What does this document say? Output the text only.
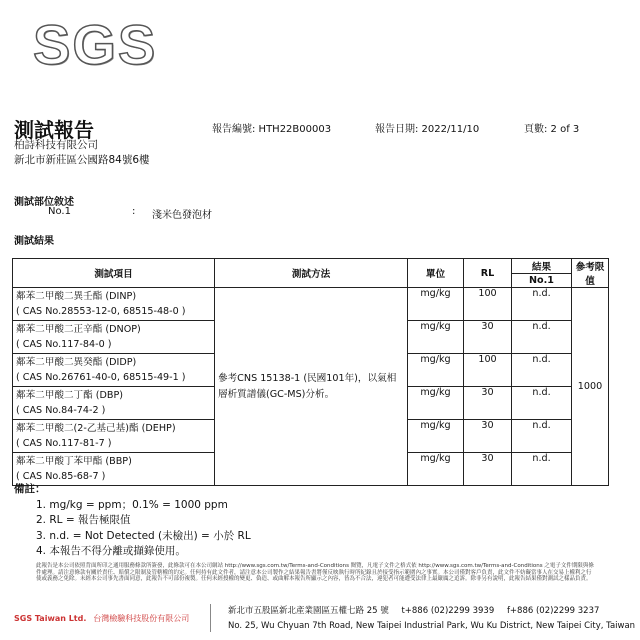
SGS
測試報告	報告編號: HTH22B00003	報告日期: 2022/11/10	頁數: 2 of 3
柏詩科技有限公司
新北市新莊區公國路84號6樓
測試部位敘述
No.1	: 淺米色發泡材
測試結果
測試項目	測試方法	單位	RL	結果	參考限值
				No.1	

鄰苯二甲酸二異壬酯 (DINP)
( CAS No.28553-12-0, 68515-48-0 )	參考CNS 15138-1 (民國101年)，以氣相層析質譜儀(GC-MS)分析。	mg/kg	100	n.d.	1000

鄰苯二甲酸二正辛酯 (DNOP)
( CAS No.117-84-0 )		mg/kg	30	n.d.	

鄰苯二甲酸二異癸酯 (DIDP)
( CAS No.26761-40-0, 68515-49-1 )		mg/kg	100	n.d.	

鄰苯二甲酸二丁酯 (DBP)
( CAS No.84-74-2 )		mg/kg	30	n.d.	

鄰苯二甲酸二(2-乙基己基)酯 (DEHP)
( CAS No.117-81-7 )		mg/kg	30	n.d.	

鄰苯二甲酸丁苯甲酯 (BBP)
( CAS No.85-68-7 )		mg/kg	30	n.d.	
備註：
1. mg/kg = ppm；0.1% = 1000 ppm
2. RL = 報告極限值
3. n.d. = Not Detected (未檢出) = 小於 RL
4. 本報告不得分離或擷錄使用。
此報告是本公司依照背面所印之通用服務條款所簽發，此條款可在本公司網站 http://www.sgs.com.tw/Terms-and-Conditions 閱覽，凡電子文件之格式依 http://www.sgs.com.tw/Terms-and-Conditions 之電子文件期限與條件處理。請注意條款有關於責任、賠償之限制及管轄權的約定。任何持有此文件者，請注意本公司製作之結果報告書將僅反映執行時所紀錄且於接受指示範圍內之事實。本公司僅對客戶負責，此文件不妨礙當事人在交易上權利之行使或義務之免除。未經本公司事先書面同意，此報告不可部份複製。任何未經授權的變更、偽造、或曲解本報告所顯示之內容，皆為不合法，違犯者可能遭受法律上最嚴厲之追訴。除非另有說明，此報告結果僅對測試之樣品負責。
SGS Taiwan Ltd. 台灣檢驗科技股份有限公司
新北市五股區新北產業園區五權七路 25 號 t+886 (02)2299 3939 f+886 (02)2299 3237
No. 25, Wu Chyuan 7th Road, New Taipei Industrial Park, Wu Ku District, New Taipei City, Taiwan
